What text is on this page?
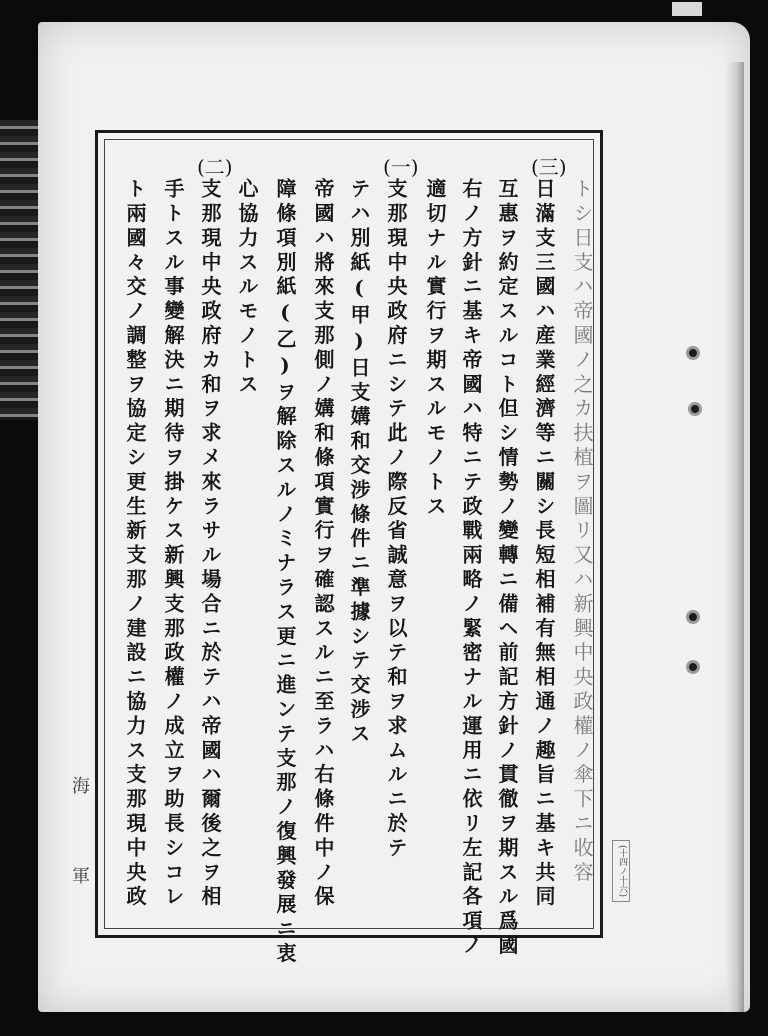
トシ日支ハ帝國ノ之カ扶植ヲ圖リ又ハ新興中央政權ノ傘下ニ收容
日滿支三國ハ産業經濟等ニ關シ長短相補有無相通ノ趣旨ニ基キ共同
互惠ヲ約定スルコト但シ情勢ノ變轉ニ備ヘ前記方針ノ貫徹ヲ期スル爲國
右ノ方針ニ基キ帝國ハ特ニテ政戰兩略ノ緊密ナル運用ニ依リ左記各項ノ
適切ナル實行ヲ期スルモノトス
支那現中央政府ニシテ此ノ際反省誠意ヲ以テ和ヲ求ムルニ於テ
テハ別紙(甲)日支媾和交涉條件ニ準據シテ交涉ス
帝國ハ將來支那側ノ媾和條項實行ヲ確認スルニ至ラハ右條件中ノ保
障條項別紙(乙)ヲ解除スルノミナラス更ニ進ンテ支那ノ復興發展ニ衷
心協力スルモノトス
支那現中央政府カ和ヲ求メ來ラサル場合ニ於テハ帝國ハ爾後之ヲ相
手トスル事變解決ニ期待ヲ掛ケス新興支那政權ノ成立ヲ助長シコレ
ト兩國々交ノ調整ヲ協定シ更生新支那ノ建設ニ協力ス支那現中央政
(三)
(一)
(二)
海
軍	(十四ノ十六)
